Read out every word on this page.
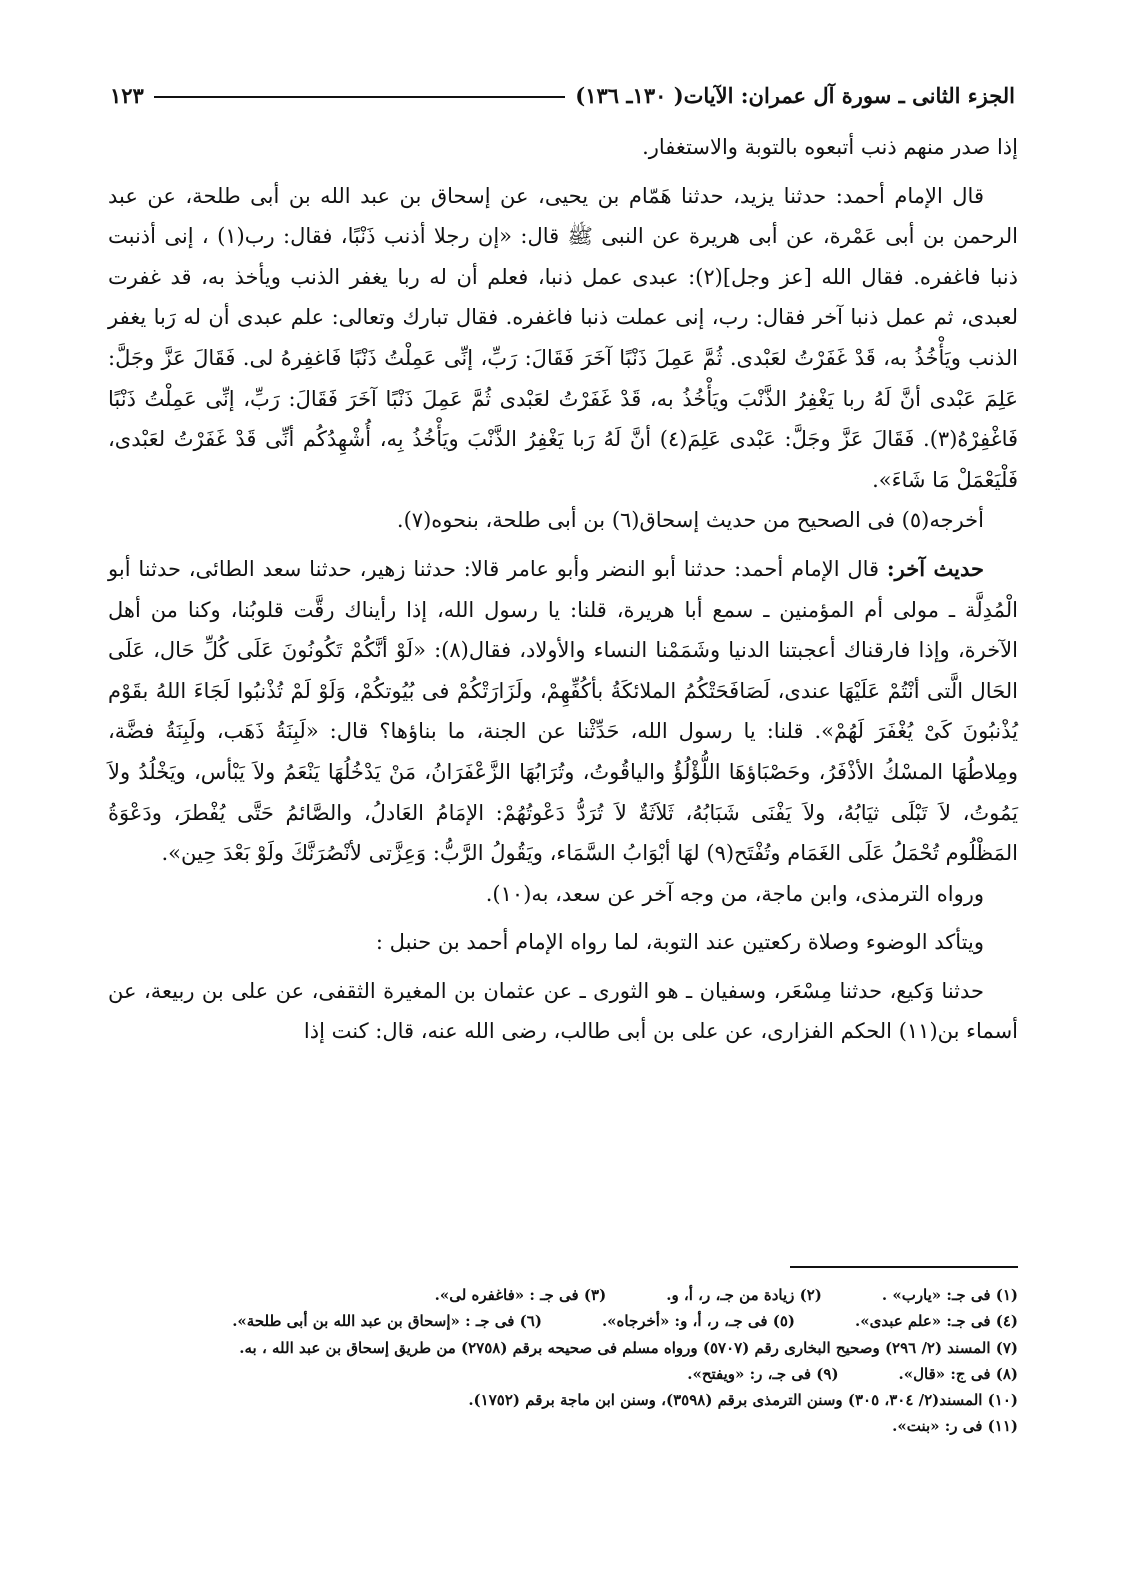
الجزء الثانى ـ سورة آل عمران: الآيات( ١٣٠ـ ١٣٦)
١٢٣

إذا صدر منهم ذنب أتبعوه بالتوبة والاستغفار.

قال الإمام أحمد: حدثنا يزيد، حدثنا هَمّام بن يحيى، عن إسحاق بن عبد الله بن أبى طلحة، عن عبد الرحمن بن أبى عَمْرة، عن أبى هريرة عن النبى ﷺ قال: «إن رجلا أذنب ذَنْبًا، فقال: رب(١) ، إنى أذنبت ذنبا فاغفره. فقال الله [عز وجل](٢): عبدى عمل ذنبا، فعلم أن له ربا يغفر الذنب ويأخذ به، قد غفرت لعبدى، ثم عمل ذنبا آخر فقال: رب، إنى عملت ذنبا فاغفره. فقال تبارك وتعالى: علم عبدى أن له رَبا يغفر الذنب ويَأْخُذُ به، قَدْ غَفَرْتُ لعَبْدى. ثُمَّ عَمِلَ ذَنْبًا آخَرَ فَقَالَ: رَبِّ، إنِّى عَمِلْتُ ذَنْبًا فَاغفِرهُ لى. فَقَالَ عَزَّ وجَلَّ: عَلِمَ عَبْدى أنَّ لَهُ ربا يَغْفِرُ الذَّنْبَ ويَأْخُذُ به، قَدْ غَفَرْتُ لعَبْدى ثُمَّ عَمِلَ ذَنْبًا آخَرَ فَقَالَ: رَبِّ، إنِّى عَمِلْتُ ذَنْبًا فَاغْفِرْهُ(٣). فَقَالَ عَزَّ وجَلَّ: عَبْدى عَلِمَ(٤) أنَّ لَهُ رَبا يَغْفِرُ الذَّنْبَ ويَأْخُذُ بِه، أُشْهِدُكُم أنِّى قَدْ غَفَرْتُ لعَبْدى، فَلْيَعْمَلْ مَا شَاءَ».

أخرجه(٥) فى الصحيح من حديث إسحاق(٦) بن أبى طلحة، بنحوه(٧).

حديث آخر: قال الإمام أحمد: حدثنا أبو النضر وأبو عامر قالا: حدثنا زهير، حدثنا سعد الطائى، حدثنا أبو الْمُدِلَّة ـ مولى أم المؤمنين ـ سمع أبا هريرة، قلنا: يا رسول الله، إذا رأيناك رقَّت قلوبُنا، وكنا من أهل الآخرة، وإذا فارقناك أعجبتنا الدنيا وشَمَمْنا النساء والأولاد، فقال(٨): «لَوْ أنَّكُمْ تَكُونُونَ عَلَى كُلِّ حَال، عَلَى الحَال الَّتى أنْتُمْ عَلَيْهَا عندى، لَصَافَحَتْكُمُ الملائكَةُ بأكُفِّهِمْ، ولَزَارَتْكُمْ فى بُيُوتكُمْ، وَلَوْ لَمْ تُذْنبُوا لَجَاءَ اللهُ بقَوْم يُذْنبُونَ كَىْ يُغْفَرَ لَهُمْ». قلنا: يا رسول الله، حَدِّثْنا عن الجنة، ما بناؤها؟ قال: «لَبِنَةُ ذَهَب، ولَبِنَةُ فضَّة، ومِلاطُهَا المسْكُ الأذْفَرُ، وحَصْبَاؤهَا اللُّؤْلُؤُ والياقُوتُ، وتُرَابُهَا الزَّعْفَرَانُ، مَنْ يَدْخُلُهَا يَنْعَمُ ولاَ يَبْأس، ويَخْلُدُ ولاَ يَمُوتُ، لاَ تَبْلَى ثيَابُهُ، ولاَ يَفْنَى شَبَابُهُ، ثَلاَثَةٌ لاَ تُرَدُّ دَعْوتُهُمْ: الإمَامُ العَادلُ، والصَّائمُ حَتَّى يُفْطرَ، ودَعْوَةُ المَظْلُوم تُحْمَلُ عَلَى الغَمَام وتُفْتَح(٩) لهَا أبْوَابُ السَّمَاء، ويَقُولُ الرَّبُّ: وَعِزَّتى لأنْصُرَنَّكَ ولَوْ بَعْدَ حِين».

ورواه الترمذى، وابن ماجة، من وجه آخر عن سعد، به(١٠).

ويتأكد الوضوء وصلاة ركعتين عند التوبة، لما رواه الإمام أحمد بن حنبل :

حدثنا وَكيع، حدثنا مِسْعَر، وسفيان ـ هو الثورى ـ عن عثمان بن المغيرة الثقفى، عن على بن ربيعة، عن أسماء بن(١١) الحكم الفزارى، عن على بن أبى طالب، رضى الله عنه، قال: كنت إذا

(١) فى جـ: «يارب» .
(٢) زيادة من جـ، ر، أ، و.
(٣) فى جـ : «فاغفره لى».
(٤) فى جـ: «علم عبدى».
(٥) فى جـ، ر، أ، و: «أخرجاه».
(٦) فى جـ : «إسحاق بن عبد الله بن أبى طلحة».
(٧) المسند (٢/ ٢٩٦) وصحيح البخارى رقم (٥٧٠٧) ورواه مسلم فى صحيحه برقم (٢٧٥٨) من طريق إسحاق بن عبد الله ، به.
(٨) فى ج: «قال».
(٩) فى جـ، ر: «ويفتح».
(١٠) المسند(٢/ ٣٠٤، ٣٠٥) وسنن الترمذى برقم (٣٥٩٨)، وسنن ابن ماجة برقم (١٧٥٢).
(١١) فى ر: «بنت».
